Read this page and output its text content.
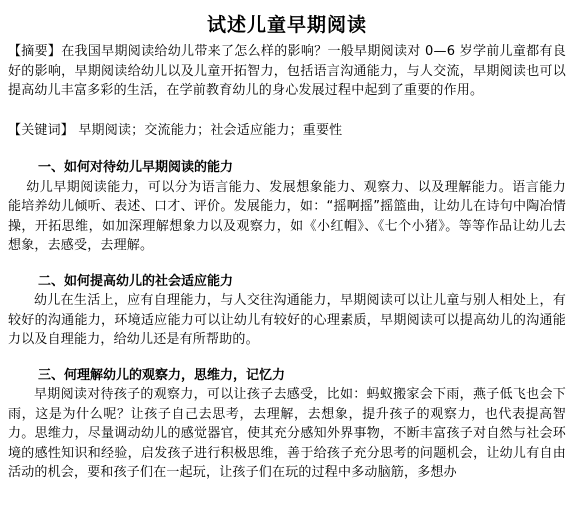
试述儿童早期阅读

【摘要】在我国早期阅读给幼儿带来了怎么样的影响？一般早期阅读对 0—6 岁学前儿童都有良好的影响，早期阅读给幼儿以及儿童开拓智力，包括语言沟通能力，与人交流，早期阅读也可以提高幼儿丰富多彩的生活，在学前教育幼儿的身心发展过程中起到了重要的作用。

【关键词】 早期阅读；交流能力；社会适应能力；重要性

一、如何对待幼儿早期阅读的能力

幼儿早期阅读能力，可以分为语言能力、发展想象能力、观察力、以及理解能力。语言能力能培养幼儿倾听、表述、口才、评价。发展能力，如：“摇啊摇”摇篮曲，让幼儿在诗句中陶冶情操，开拓思维，如加深理解想象力以及观察力，如《小红帽》、《七个小猪》。等等作品让幼儿去想象，去感受，去理解。

二、如何提高幼儿的社会适应能力

幼儿在生活上，应有自理能力，与人交往沟通能力，早期阅读可以让儿童与别人相处上，有较好的沟通能力，环境适应能力可以让幼儿有较好的心理素质，早期阅读可以提高幼儿的沟通能力以及自理能力，给幼儿还是有所帮助的。

三、何理解幼儿的观察力，思维力，记忆力

早期阅读对待孩子的观察力，可以让孩子去感受，比如：蚂蚁搬家会下雨，燕子低飞也会下雨，这是为什么呢？让孩子自己去思考，去理解，去想象，提升孩子的观察力，也代表提高智力。思维力，尽量调动幼儿的感觉器官，使其充分感知外界事物，不断丰富孩子对自然与社会环境的感性知识和经验，启发孩子进行积极思维，善于给孩子充分思考的问题机会，让幼儿有自由活动的机会，要和孩子们在一起玩，让孩子们在玩的过程中多动脑筋，多想办
